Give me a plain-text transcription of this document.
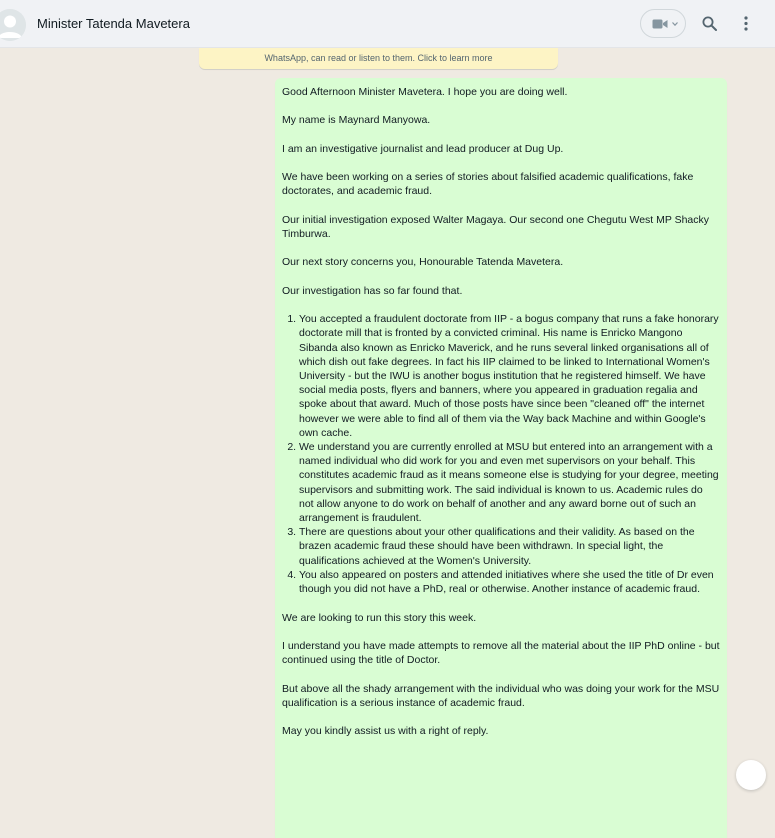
Minister Tatenda Mavetera
WhatsApp, can read or listen to them. Click to learn more

Good Afternoon Minister Mavetera. I hope you are doing well.

My name is Maynard Manyowa.

I am an investigative journalist and lead producer at Dug Up.

We have been working on a series of stories about falsified academic qualifications, fake doctorates, and academic fraud.

Our initial investigation exposed Walter Magaya. Our second one Chegutu West MP Shacky Timburwa.

Our next story concerns you, Honourable Tatenda Mavetera.

Our investigation has so far found that.

1. You accepted a fraudulent doctorate from IIP - a bogus company that runs a fake honorary doctorate mill that is fronted by a convicted criminal. His name is Enricko Mangono Sibanda also known as Enricko Maverick, and he runs several linked organisations all of which dish out fake degrees. In fact his IIP claimed to be linked to International Women's University - but the IWU is another bogus institution that he registered himself. We have social media posts, flyers and banners, where you appeared in graduation regalia and spoke about that award. Much of those posts have since been "cleaned off" the internet however we were able to find all of them via the Way back Machine and within Google's own cache.
2. We understand you are currently enrolled at MSU but entered into an arrangement with a named individual who did work for you and even met supervisors on your behalf. This constitutes academic fraud as it means someone else is studying for your degree, meeting supervisors and submitting work. The said individual is known to us. Academic rules do not allow anyone to do work on behalf of another and any award borne out of such an arrangement is fraudulent.
3. There are questions about your other qualifications and their validity. As based on the brazen academic fraud these should have been withdrawn. In special light, the qualifications achieved at the Women's University.
4. You also appeared on posters and attended initiatives where she used the title of Dr even though you did not have a PhD, real or otherwise. Another instance of academic fraud.

We are looking to run this story this week.

I understand you have made attempts to remove all the material about the IIP PhD online - but continued using the title of Doctor.

But above all the shady arrangement with the individual who was doing your work for the MSU qualification is a serious instance of academic fraud.

May you kindly assist us with a right of reply.
